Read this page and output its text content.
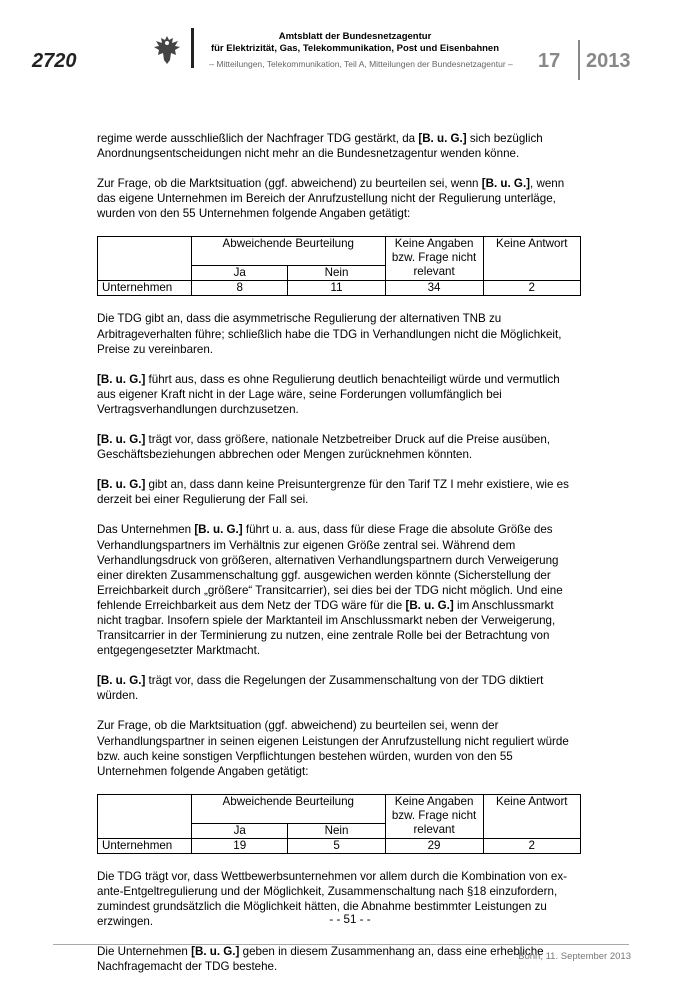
2720
Amtsblatt der Bundesnetzagentur
für Elektrizität, Gas, Telekommunikation, Post und Eisenbahnen
– Mitteilungen, Telekommunikation, Teil A, Mitteilungen der Bundesnetzagentur –	17 2013

regime werde ausschließlich der Nachfrager TDG gestärkt, da [B. u. G.] sich bezüglich Anordnungsentscheidungen nicht mehr an die Bundesnetzagentur wenden könne.

Zur Frage, ob die Marktsituation (ggf. abweichend) zu beurteilen sei, wenn [B. u. G.], wenn das eigene Unternehmen im Bereich der Anrufzustellung nicht der Regulierung unterläge, wurden von den 55 Unternehmen folgende Angaben getätigt:

	Abweichende Beurteilung		Keine Angaben bzw. Frage nicht relevant	Keine Antwort
	Ja	Nein		
Unternehmen	8	11	34	2

Die TDG gibt an, dass die asymmetrische Regulierung der alternativen TNB zu Arbitrageverhalten führe; schließlich habe die TDG in Verhandlungen nicht die Möglichkeit, Preise zu vereinbaren.

[B. u. G.] führt aus, dass es ohne Regulierung deutlich benachteiligt würde und vermutlich aus eigener Kraft nicht in der Lage wäre, seine Forderungen vollumfänglich bei Vertragsverhandlungen durchzusetzen.

[B. u. G.] trägt vor, dass größere, nationale Netzbetreiber Druck auf die Preise ausüben, Geschäftsbeziehungen abbrechen oder Mengen zurücknehmen könnten.

[B. u. G.] gibt an, dass dann keine Preisuntergrenze für den Tarif TZ I mehr existiere, wie es derzeit bei einer Regulierung der Fall sei.

Das Unternehmen [B. u. G.] führt u. a. aus, dass für diese Frage die absolute Größe des Verhandlungspartners im Verhältnis zur eigenen Größe zentral sei. Während dem Verhandlungsdruck von größeren, alternativen Verhandlungspartnern durch Verweigerung einer direkten Zusammenschaltung ggf. ausgewichen werden könnte (Sicherstellung der Erreichbarkeit durch „größere“ Transitcarrier), sei dies bei der TDG nicht möglich. Und eine fehlende Erreichbarkeit aus dem Netz der TDG wäre für die [B. u. G.] im Anschlussmarkt nicht tragbar. Insofern spiele der Marktanteil im Anschlussmarkt neben der Verweigerung, Transitcarrier in der Terminierung zu nutzen, eine zentrale Rolle bei der Betrachtung von entgegengesetzter Marktmacht.

[B. u. G.] trägt vor, dass die Regelungen der Zusammenschaltung von der TDG diktiert würden.

Zur Frage, ob die Marktsituation (ggf. abweichend) zu beurteilen sei, wenn der Verhandlungspartner in seinen eigenen Leistungen der Anrufzustellung nicht reguliert würde bzw. auch keine sonstigen Verpflichtungen bestehen würden, wurden von den 55 Unternehmen folgende Angaben getätigt:

	Abweichende Beurteilung		Keine Angaben bzw. Frage nicht relevant	Keine Antwort
	Ja	Nein		
Unternehmen	19	5	29	2

Die TDG trägt vor, dass Wettbewerbsunternehmen vor allem durch die Kombination von ex-ante-Entgeltregulierung und der Möglichkeit, Zusammenschaltung nach §18 einzufordern, zumindest grundsätzlich die Möglichkeit hätten, die Abnahme bestimmter Leistungen zu erzwingen.

Die Unternehmen [B. u. G.] geben in diesem Zusammenhang an, dass eine erhebliche Nachfragemacht der TDG bestehe.

- - 51 - -
Bonn, 11. September 2013
